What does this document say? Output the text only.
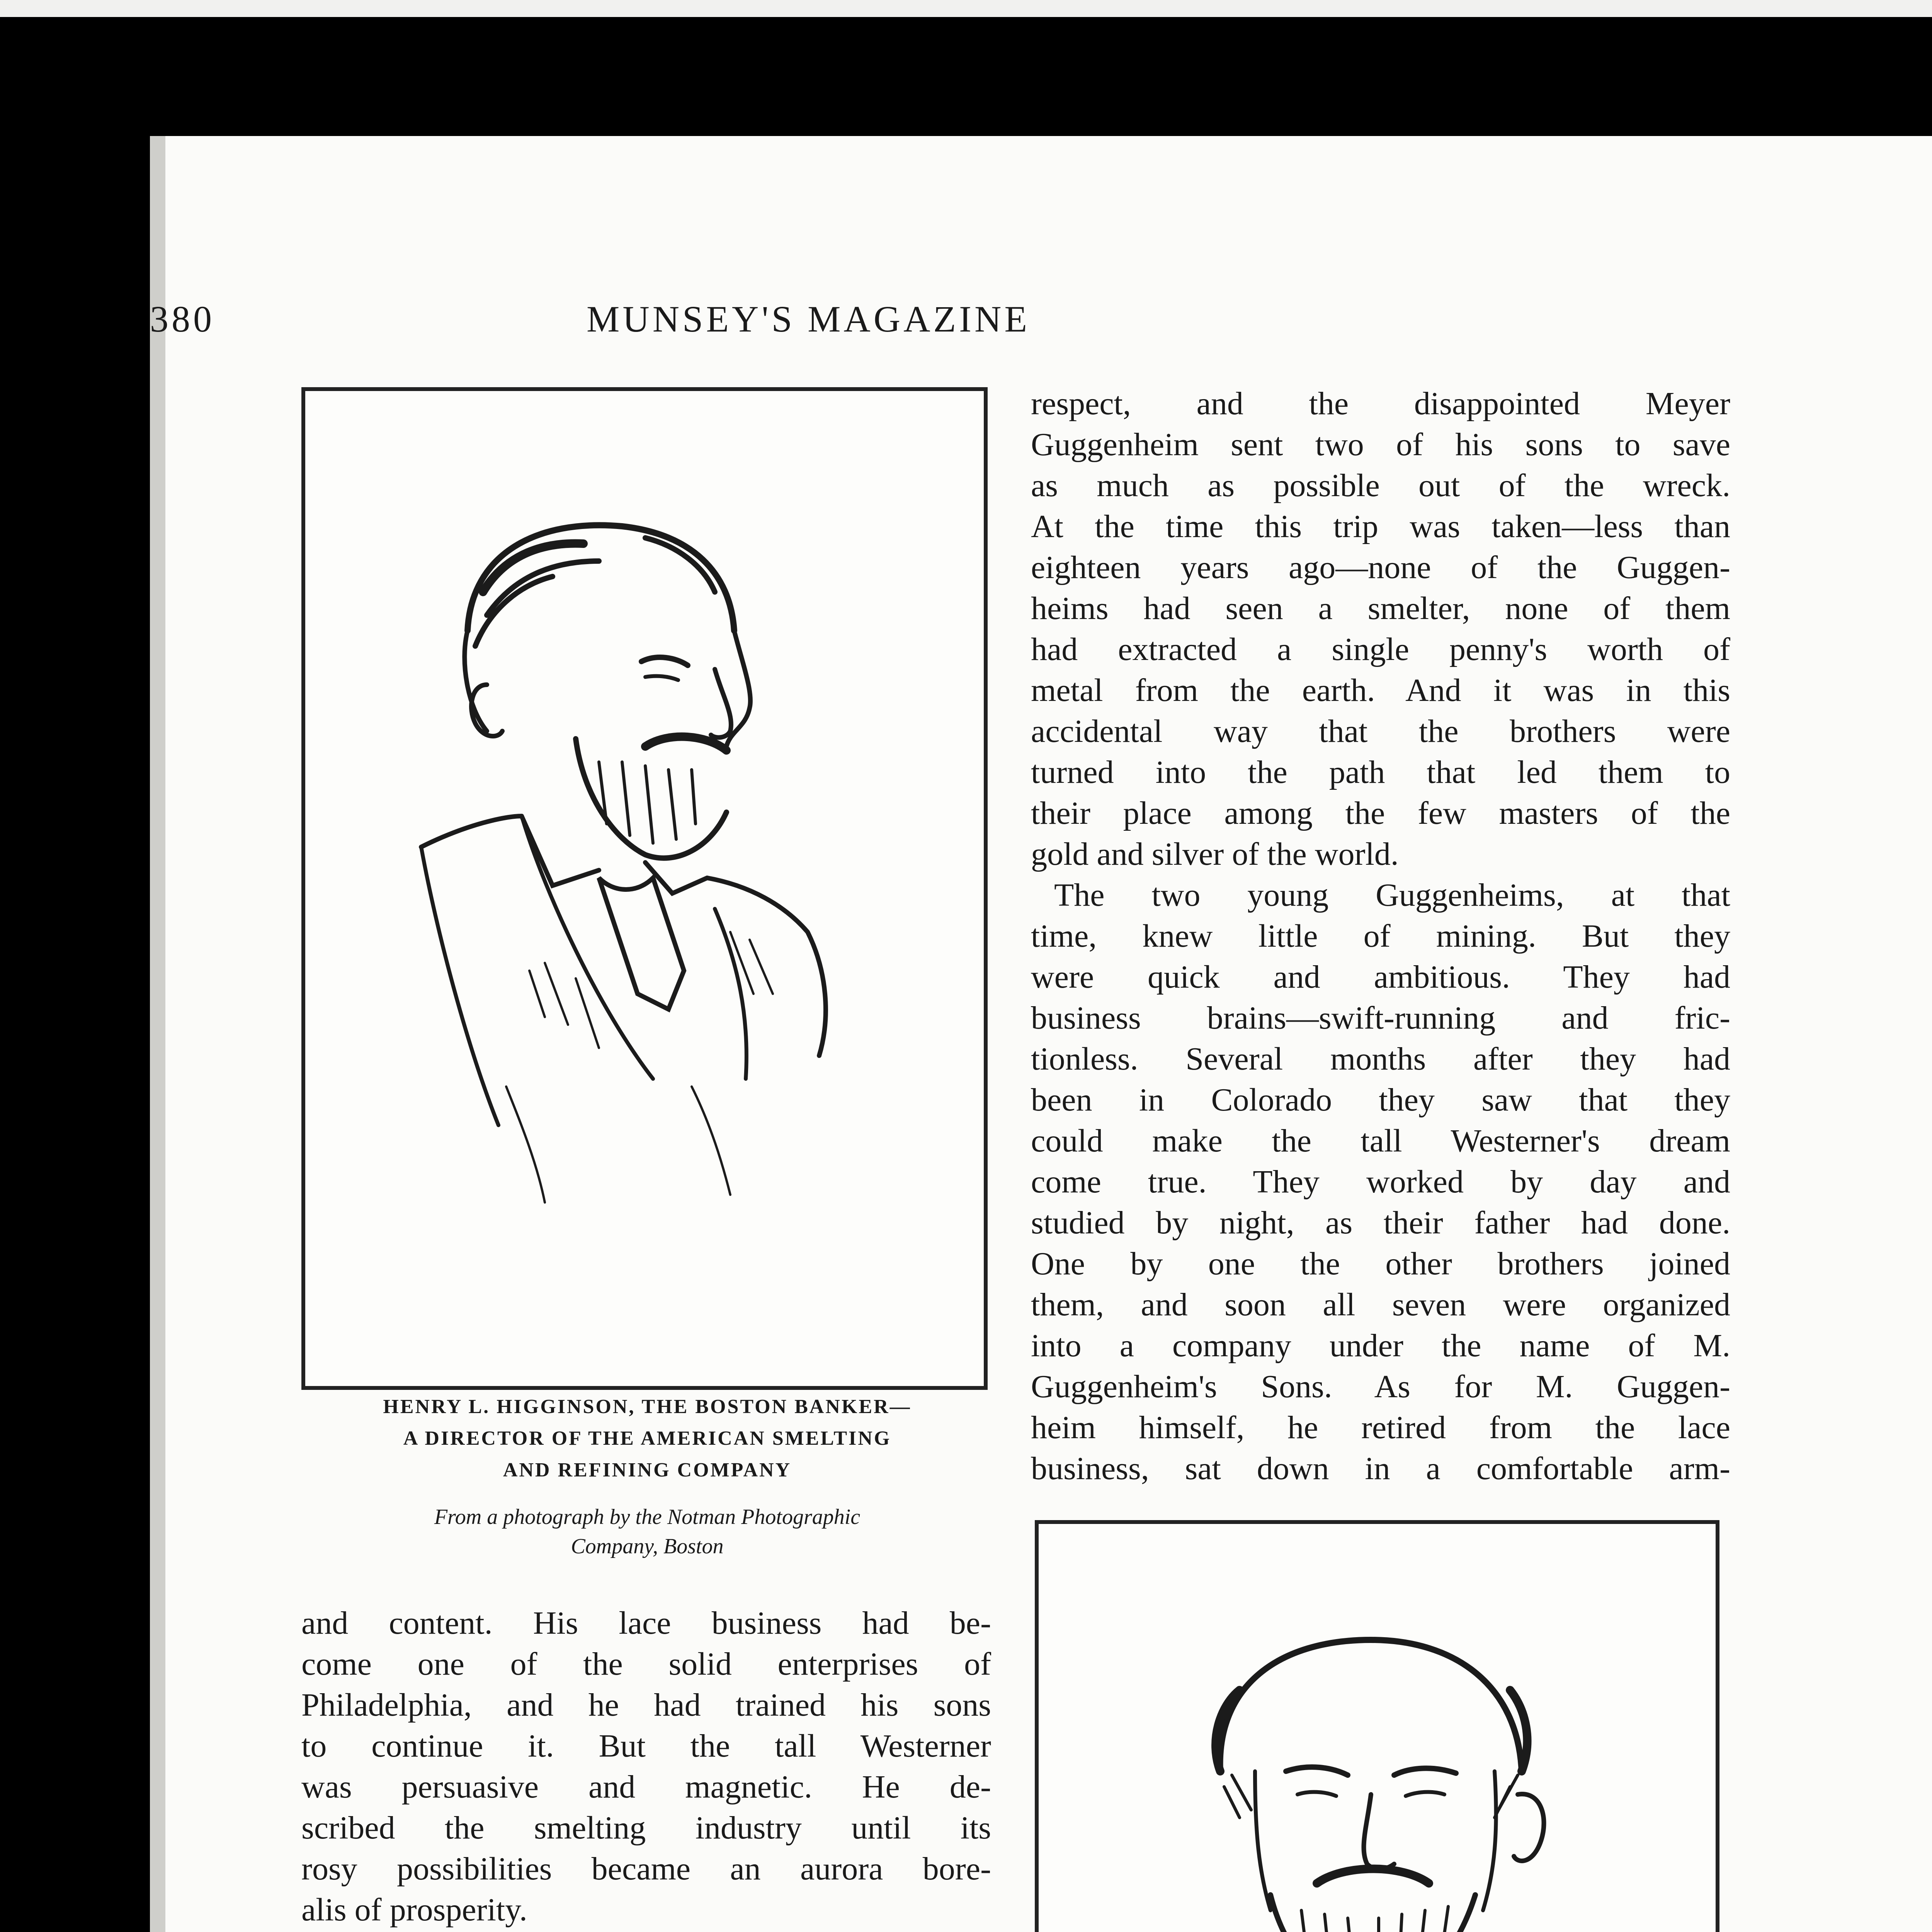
380	MUNSEY'S MAGAZINE
HENRY L. HIGGINSON, THE BOSTON BANKER—
A DIRECTOR OF THE AMERICAN SMELTING
AND REFINING COMPANY
From a photograph by the Notman Photographic
Company, Boston
respect, and the disappointed Meyer
Guggenheim sent two of his sons to save
as much as possible out of the wreck.
At the time this trip was taken—less than
eighteen years ago—none of the Guggen-
heims had seen a smelter, none of them
had extracted a single penny's worth of
metal from the earth. And it was in this
accidental way that the brothers were
turned into the path that led them to
their place among the few masters of the
gold and silver of the world.
The two young Guggenheims, at that
time, knew little of mining. But they
were quick and ambitious. They had
business brains—swift-running and fric-
tionless. Several months after they had
been in Colorado they saw that they
could make the tall Westerner's dream
come true. They worked by day and
studied by night, as their father had done.
One by one the other brothers joined
them, and soon all seven were organized
into a company under the name of M.
Guggenheim's Sons. As for M. Guggen-
heim himself, he retired from the lace
business, sat down in a comfortable arm-
and content. His lace business had be-
come one of the solid enterprises of
Philadelphia, and he had trained his sons
to continue it. But the tall Westerner
was persuasive and magnetic. He de-
scribed the smelting industry until its
rosy possibilities became an aurora bore-
alis of prosperity.
